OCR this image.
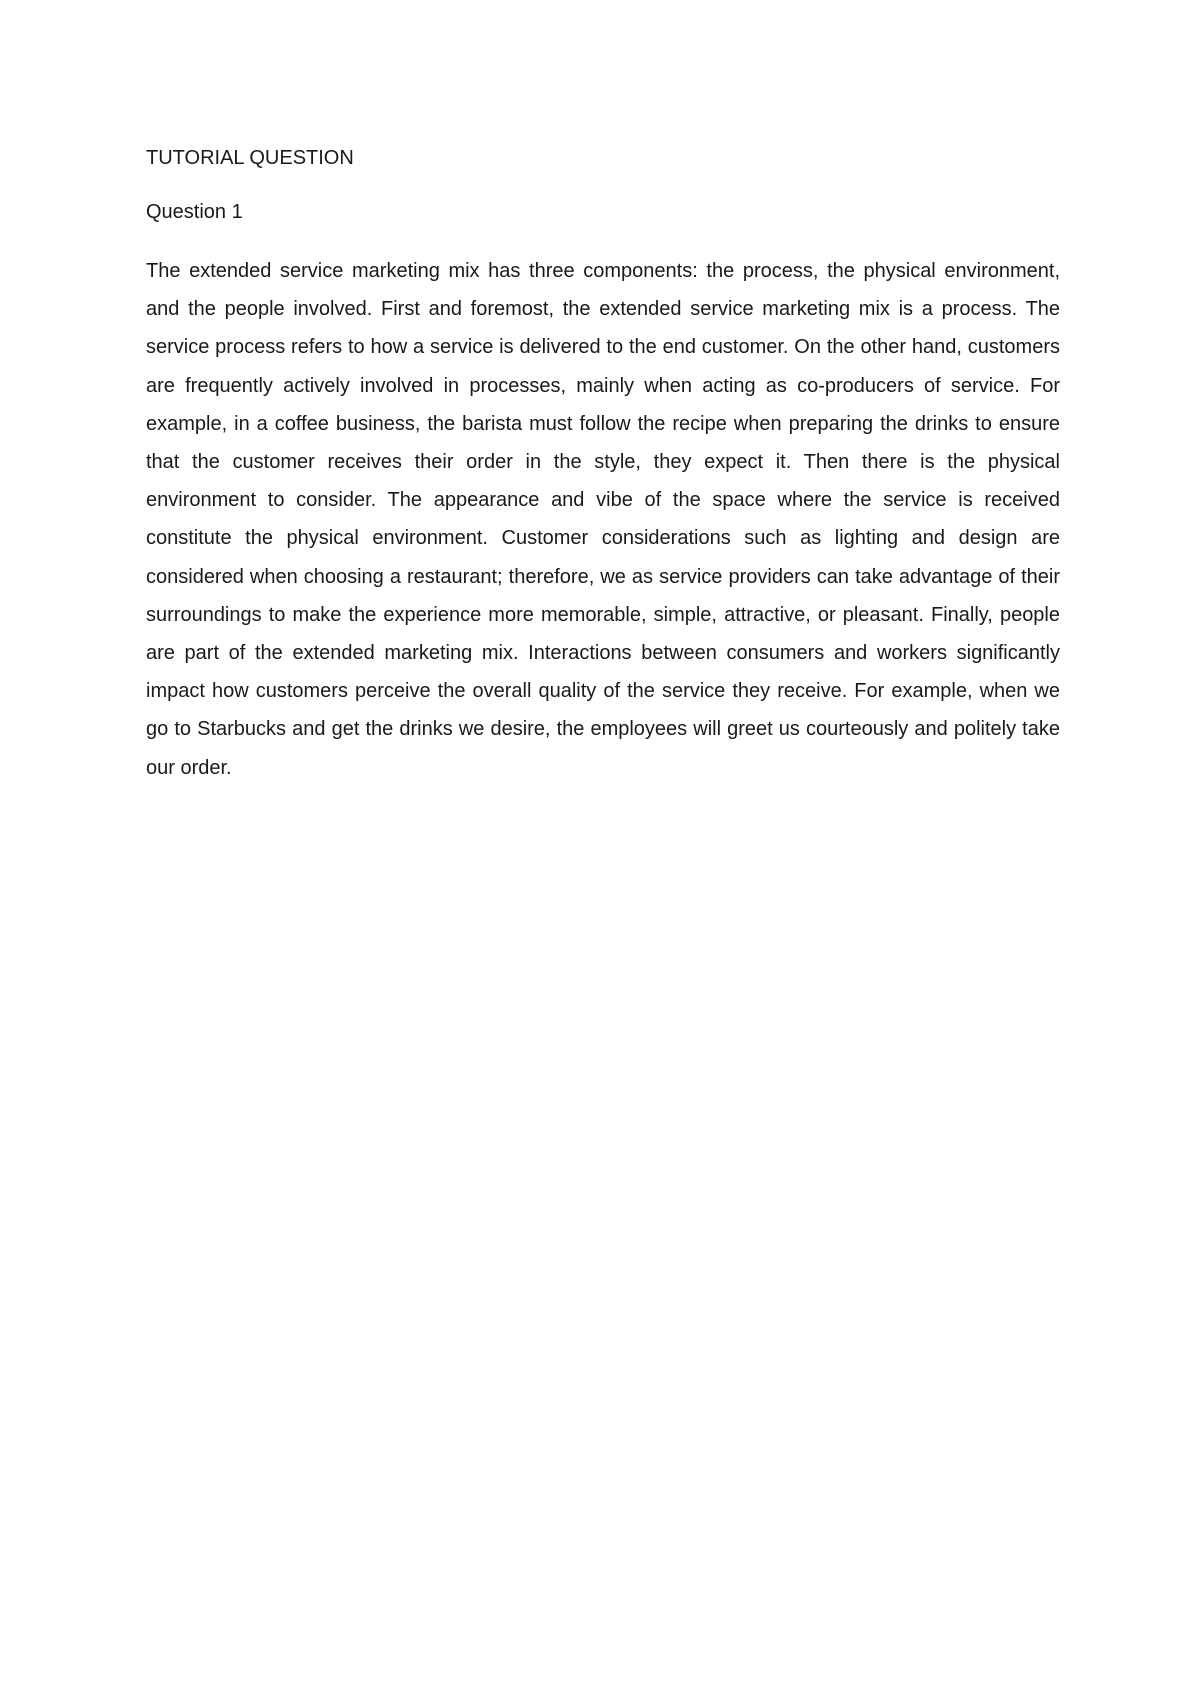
TUTORIAL QUESTION

Question 1

The extended service marketing mix has three components: the process, the physical environment, and the people involved. First and foremost, the extended service marketing mix is a process. The service process refers to how a service is delivered to the end customer. On the other hand, customers are frequently actively involved in processes, mainly when acting as co-producers of service. For example, in a coffee business, the barista must follow the recipe when preparing the drinks to ensure that the customer receives their order in the style, they expect it. Then there is the physical environment to consider. The appearance and vibe of the space where the service is received constitute the physical environment. Customer considerations such as lighting and design are considered when choosing a restaurant; therefore, we as service providers can take advantage of their surroundings to make the experience more memorable, simple, attractive, or pleasant. Finally, people are part of the extended marketing mix. Interactions between consumers and workers significantly impact how customers perceive the overall quality of the service they receive. For example, when we go to Starbucks and get the drinks we desire, the employees will greet us courteously and politely take our order.
